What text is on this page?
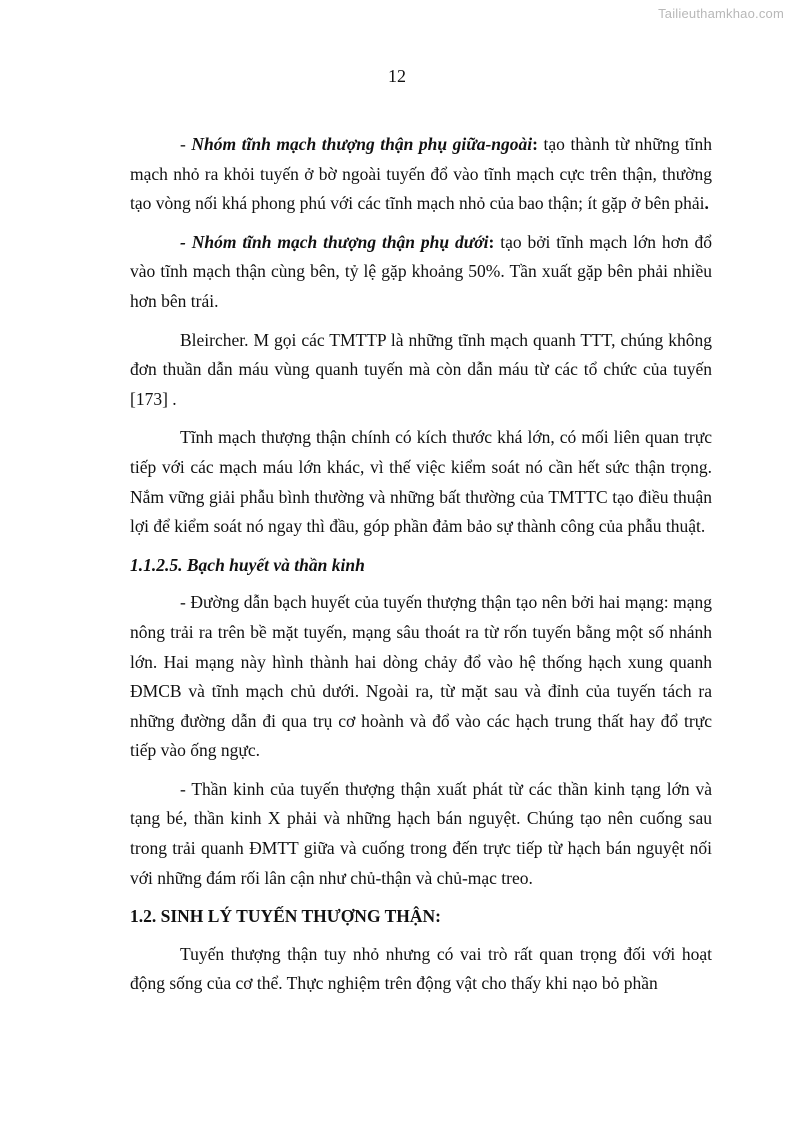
Tailieuthamkhao.com
12

- Nhóm tĩnh mạch thượng thận phụ giữa-ngoài: tạo thành từ những tĩnh mạch nhỏ ra khỏi tuyến ở bờ ngoài tuyến đổ vào tĩnh mạch cực trên thận, thường tạo vòng nối khá phong phú với các tĩnh mạch nhỏ của bao thận; ít gặp ở bên phải.

- Nhóm tĩnh mạch thượng thận phụ dưới: tạo bởi tĩnh mạch lớn hơn đổ vào tĩnh mạch thận cùng bên, tỷ lệ gặp khoảng 50%. Tần xuất gặp bên phải nhiều hơn bên trái.

Bleircher. M gọi các TMTTP là những tĩnh mạch quanh TTT, chúng không đơn thuần dẫn máu vùng quanh tuyến mà còn dẫn máu từ các tổ chức của tuyến [173] .

Tĩnh mạch thượng thận chính có kích thước khá lớn, có mối liên quan trực tiếp với các mạch máu lớn khác, vì thế việc kiểm soát nó cần hết sức thận trọng. Nắm vững giải phẫu bình thường và những bất thường của TMTTC tạo điều thuận lợi để kiểm soát nó ngay thì đầu, góp phần đảm bảo sự thành công của phẫu thuật.

1.1.2.5. Bạch huyết và thần kinh

- Đường dẫn bạch huyết của tuyến thượng thận tạo nên bởi hai mạng: mạng nông trải ra trên bề mặt tuyến, mạng sâu thoát ra từ rốn tuyến bằng một số nhánh lớn. Hai mạng này hình thành hai dòng chảy đổ vào hệ thống hạch xung quanh ĐMCB và tĩnh mạch chủ dưới. Ngoài ra, từ mặt sau và đỉnh của tuyến tách ra những đường dẫn đi qua trụ cơ hoành và đổ vào các hạch trung thất hay đổ trực tiếp vào ống ngực.

- Thần kinh của tuyến thượng thận xuất phát từ các thần kinh tạng lớn và tạng bé, thần kinh X phải và những hạch bán nguyệt. Chúng tạo nên cuống sau trong trải quanh ĐMTT giữa và cuống trong đến trực tiếp từ hạch bán nguyệt nối với những đám rối lân cận như chủ-thận và chủ-mạc treo.

1.2. SINH LÝ TUYẾN THƯỢNG THẬN:

Tuyến thượng thận tuy nhỏ nhưng có vai trò rất quan trọng đối với hoạt động sống của cơ thể. Thực nghiệm trên động vật cho thấy khi nạo bỏ phần
